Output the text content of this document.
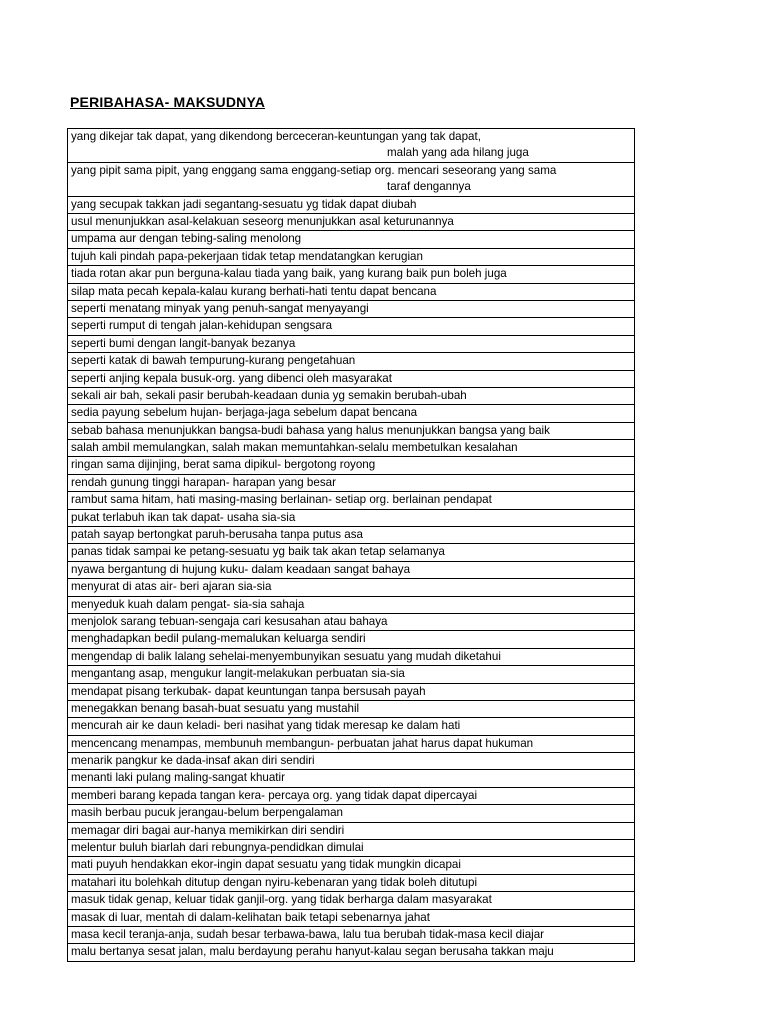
PERIBAHASA- MAKSUDNYA
yang dikejar tak dapat, yang dikendong berceceran-keuntungan yang tak dapat,
malah yang ada hilang juga

yang pipit sama pipit, yang enggang sama enggang-setiap org. mencari seseorang yang sama
taraf dengannya

yang secupak takkan jadi segantang-sesuatu yg tidak dapat diubah

usul menunjukkan asal-kelakuan seseorg menunjukkan asal keturunannya

umpama aur dengan tebing-saling menolong

tujuh kali pindah papa-pekerjaan tidak tetap mendatangkan kerugian

tiada rotan akar pun berguna-kalau tiada yang baik, yang kurang baik pun boleh juga

silap mata pecah kepala-kalau kurang berhati-hati tentu dapat bencana

seperti menatang minyak yang penuh-sangat menyayangi

seperti rumput di tengah jalan-kehidupan sengsara

seperti bumi dengan langit-banyak bezanya

seperti katak di bawah tempurung-kurang pengetahuan

seperti anjing kepala busuk-org. yang dibenci oleh masyarakat

sekali air bah, sekali pasir berubah-keadaan dunia yg semakin berubah-ubah

sedia payung sebelum hujan- berjaga-jaga sebelum dapat bencana

sebab bahasa menunjukkan bangsa-budi bahasa yang halus menunjukkan bangsa yang baik

salah ambil memulangkan, salah makan memuntahkan-selalu membetulkan kesalahan

ringan sama dijinjing, berat sama dipikul- bergotong royong

rendah gunung tinggi harapan- harapan yang besar

rambut sama hitam, hati masing-masing berlainan- setiap org. berlainan pendapat

pukat terlabuh ikan tak dapat- usaha sia-sia

patah sayap bertongkat paruh-berusaha tanpa putus asa

panas tidak sampai ke petang-sesuatu yg baik tak akan tetap selamanya

nyawa bergantung di hujung kuku- dalam keadaan sangat bahaya

menyurat di atas air- beri ajaran sia-sia

menyeduk kuah dalam pengat- sia-sia sahaja

menjolok sarang tebuan-sengaja cari kesusahan atau bahaya

menghadapkan bedil pulang-memalukan keluarga sendiri

mengendap di balik lalang sehelai-menyembunyikan sesuatu yang mudah diketahui

mengantang asap, mengukur langit-melakukan perbuatan sia-sia

mendapat pisang terkubak- dapat keuntungan tanpa bersusah payah

menegakkan benang basah-buat sesuatu yang mustahil

mencurah air ke daun keladi- beri nasihat yang tidak meresap ke dalam hati

mencencang menampas, membunuh membangun- perbuatan jahat harus dapat hukuman

menarik pangkur ke dada-insaf akan diri sendiri

menanti laki pulang maling-sangat khuatir

memberi barang kepada tangan kera- percaya org. yang tidak dapat dipercayai

masih berbau pucuk jerangau-belum berpengalaman

memagar diri bagai aur-hanya memikirkan diri sendiri

melentur buluh biarlah dari rebungnya-pendidkan dimulai

mati puyuh hendakkan ekor-ingin dapat sesuatu yang tidak mungkin dicapai

matahari itu bolehkah ditutup dengan nyiru-kebenaran yang tidak boleh ditutupi

masuk tidak genap, keluar tidak ganjil-org. yang tidak berharga dalam masyarakat

masak di luar, mentah di dalam-kelihatan baik tetapi sebenarnya jahat

masa kecil teranja-anja, sudah besar terbawa-bawa, lalu tua berubah tidak-masa kecil diajar

malu bertanya sesat jalan, malu berdayung perahu hanyut-kalau segan berusaha takkan maju
